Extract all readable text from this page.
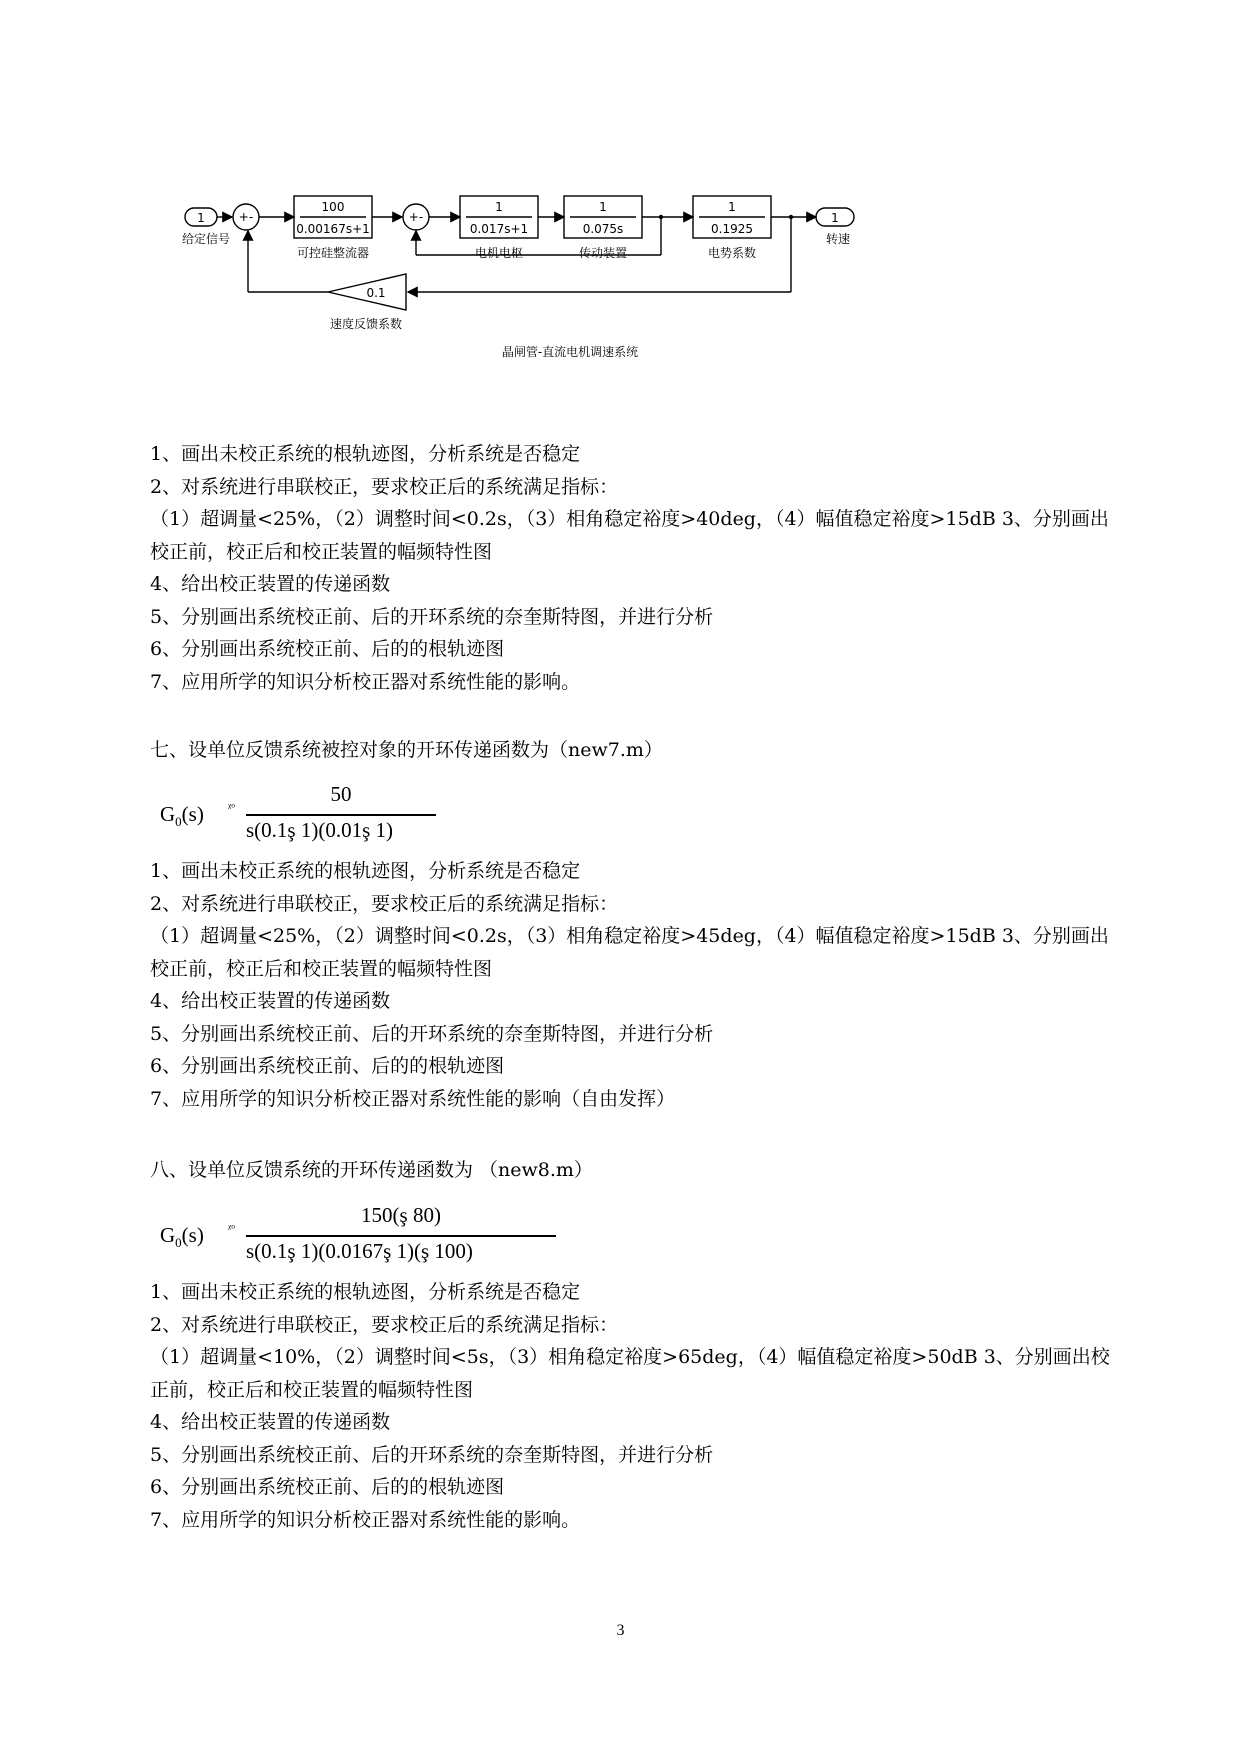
1
给定信号
+-
100
0.00167s+1
可控硅整流器
+-
1
0.017s+1
电机电枢
1
0.075s
传动装置
1
0.1925
电势系数
1
转速
0.1
速度反馈系数
晶闸管-直流电机调速系统
1、画出未校正系统的根轨迹图，分析系统是否稳定
2、对系统进行串联校正，要求校正后的系统满足指标：
（1）超调量<25%，（2）调整时间<0.2s，（3）相角稳定裕度>40deg，（4）幅值稳定裕度>15dB 3、分别画出校正前，校正后和校正装置的幅频特性图
4、给出校正装置的传递函数
5、分别画出系统校正前、后的开环系统的奈奎斯特图，并进行分析
6、分别画出系统校正前、后的的根轨迹图
7、应用所学的知识分析校正器对系统性能的影响。
七、设单位反馈系统被控对象的开环传递函数为（new7.m）
$G_0(s)$ ᵡᵒ
50
s(0.1ş 1)(0.01ş 1)
1、画出未校正系统的根轨迹图，分析系统是否稳定
2、对系统进行串联校正，要求校正后的系统满足指标：
（1）超调量<25%，（2）调整时间<0.2s，（3）相角稳定裕度>45deg，（4）幅值稳定裕度>15dB 3、分别画出校正前，校正后和校正装置的幅频特性图
4、给出校正装置的传递函数
5、分别画出系统校正前、后的开环系统的奈奎斯特图，并进行分析
6、分别画出系统校正前、后的的根轨迹图
7、应用所学的知识分析校正器对系统性能的影响（自由发挥）
八、设单位反馈系统的开环传递函数为 （new8.m）
$G_0(s)$ ᵡᵒ
150(ş 80)
s(0.1ş 1)(0.0167ş 1)(ş 100)
1、画出未校正系统的根轨迹图，分析系统是否稳定
2、对系统进行串联校正，要求校正后的系统满足指标：
（1）超调量<10%，（2）调整时间<5s，（3）相角稳定裕度>65deg，（4）幅值稳定裕度>50dB 3、分别画出校正前，校正后和校正装置的幅频特性图
4、给出校正装置的传递函数
5、分别画出系统校正前、后的开环系统的奈奎斯特图，并进行分析
6、分别画出系统校正前、后的的根轨迹图
7、应用所学的知识分析校正器对系统性能的影响。
3
